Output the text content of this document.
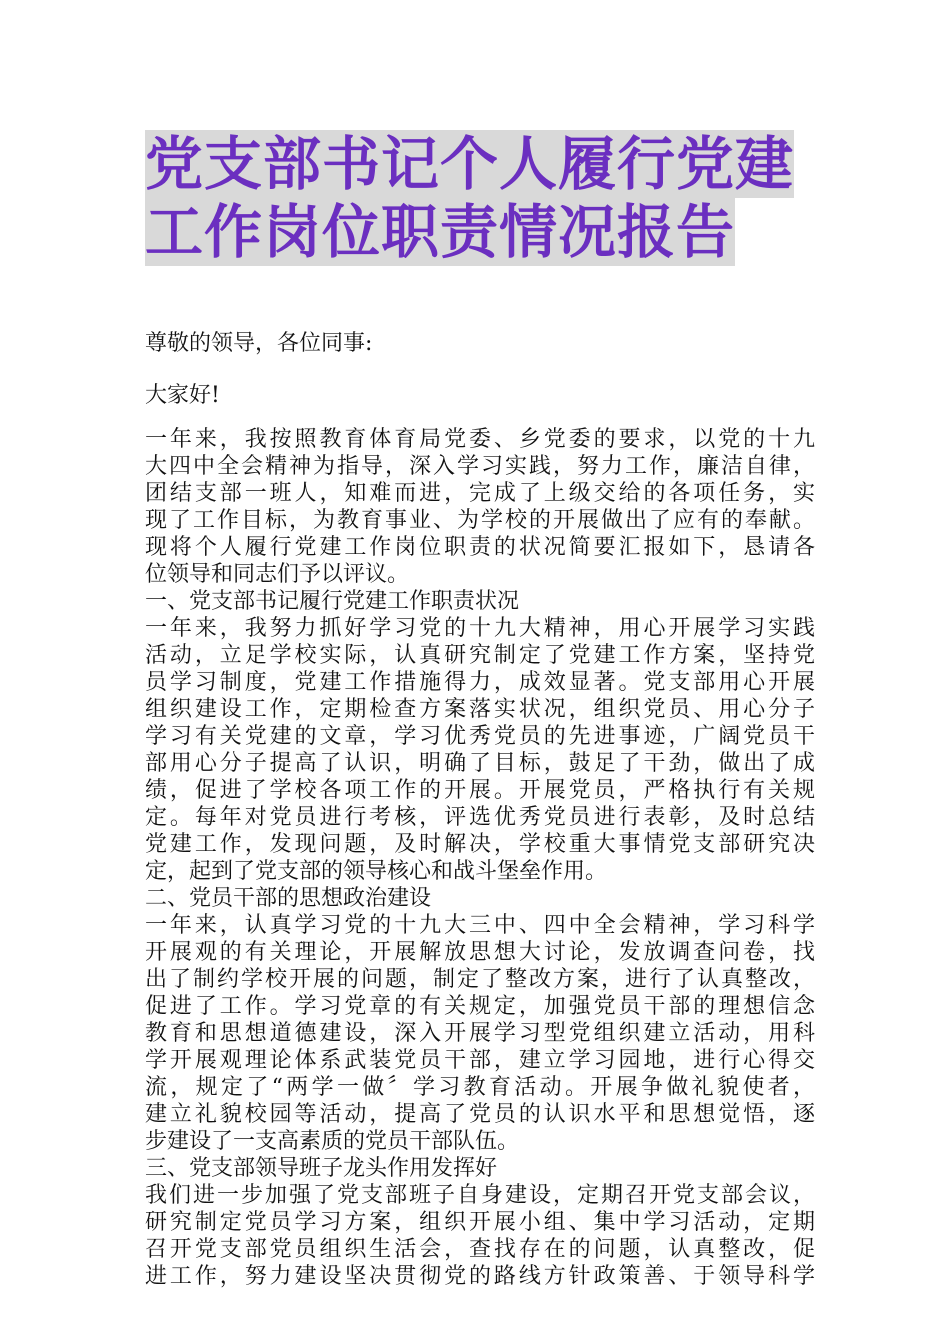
党支部书记个人履行党建
工作岗位职责情况报告

尊敬的领导，各位同事:

大家好!

一年来，我按照教育体育局党委、乡党委的要求，以党的十九
大四中全会精神为指导，深入学习实践，努力工作，廉洁自律，
团结支部一班人，知难而进，完成了上级交给的各项任务，实
现了工作目标，为教育事业、为学校的开展做出了应有的奉献。
现将个人履行党建工作岗位职责的状况简要汇报如下，恳请各
位领导和同志们予以评议。
一、党支部书记履行党建工作职责状况
一年来，我努力抓好学习党的十九大精神，用心开展学习实践
活动，立足学校实际，认真研究制定了党建工作方案，坚持党
员学习制度，党建工作措施得力，成效显著。党支部用心开展
组织建设工作，定期检查方案落实状况，组织党员、用心分子
学习有关党建的文章，学习优秀党员的先进事迹，广阔党员干
部用心分子提高了认识，明确了目标，鼓足了干劲，做出了成
绩，促进了学校各项工作的开展。开展党员，严格执行有关规
定。每年对党员进行考核，评选优秀党员进行表彰，及时总结
党建工作，发现问题，及时解决，学校重大事情党支部研究决
定，起到了党支部的领导核心和战斗堡垒作用。
二、党员干部的思想政治建设
一年来，认真学习党的十九大三中、四中全会精神，学习科学
开展观的有关理论，开展解放思想大讨论，发放调查问卷，找
出了制约学校开展的问题，制定了整改方案，进行了认真整改，
促进了工作。学习党章的有关规定，加强党员干部的理想信念
教育和思想道德建设，深入开展学习型党组织建立活动，用科
学开展观理论体系武装党员干部，建立学习园地，进行心得交
流，规定了“两学一做〞学习教育活动。开展争做礼貌使者，
建立礼貌校园等活动，提高了党员的认识水平和思想觉悟，逐
步建设了一支高素质的党员干部队伍。
三、党支部领导班子龙头作用发挥好
我们进一步加强了党支部班子自身建设，定期召开党支部会议，
研究制定党员学习方案，组织开展小组、集中学习活动，定期
召开党支部党员组织生活会，查找存在的问题，认真整改，促
进工作，努力建设坚决贯彻党的路线方针政策善、于领导科学
